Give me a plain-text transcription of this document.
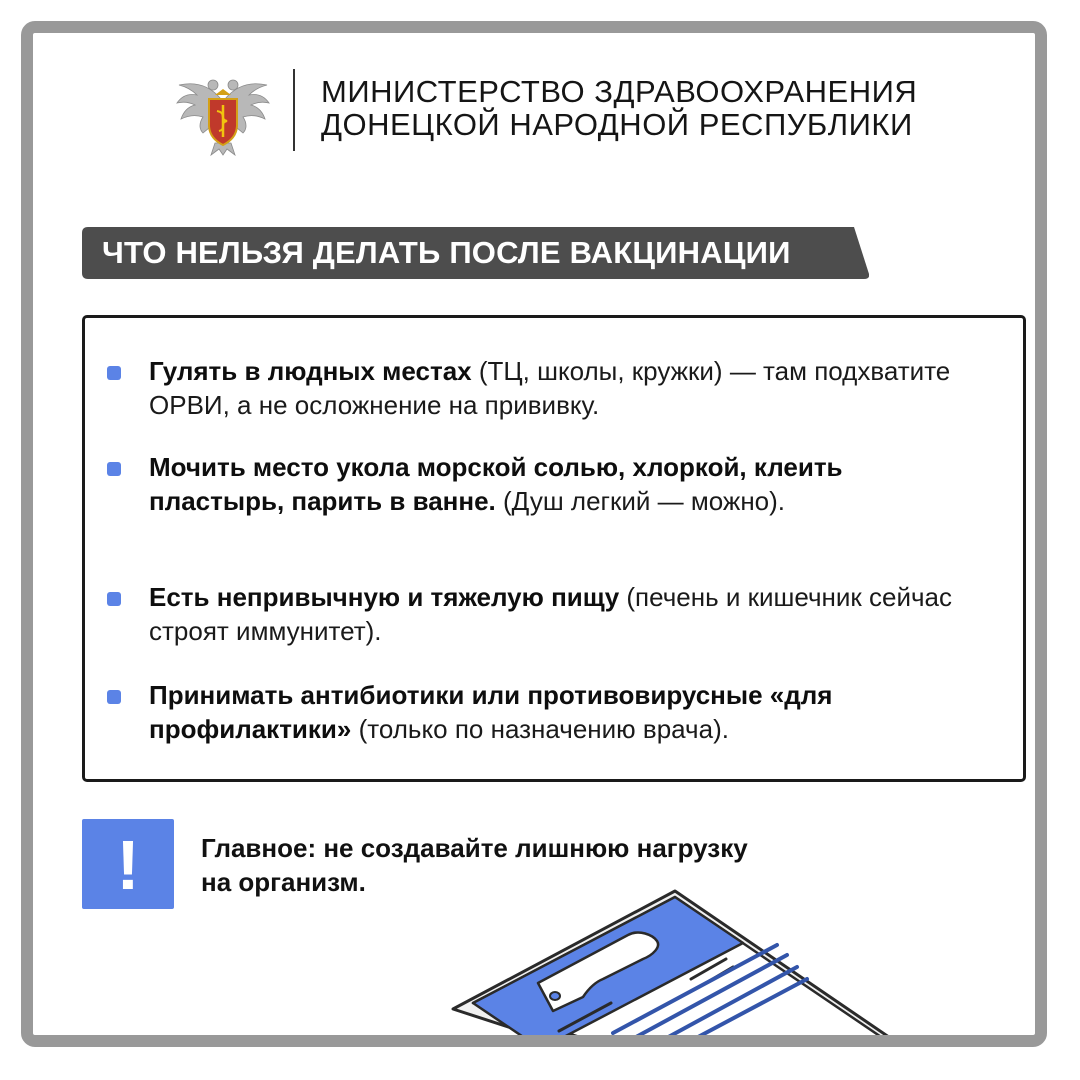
МИНИСТЕРСТВО ЗДРАВООХРАНЕНИЯ
ДОНЕЦКОЙ НАРОДНОЙ РЕСПУБЛИКИ
ЧТО НЕЛЬЗЯ ДЕЛАТЬ ПОСЛЕ ВАКЦИНАЦИИ
Гулять в людных местах (ТЦ, школы, кружки) — там подхватите ОРВИ, а не осложнение на прививку.
Мочить место укола морской солью, хлоркой, клеить пластырь, парить в ванне. (Душ легкий — можно).
Есть непривычную и тяжелую пищу (печень и кишечник сейчас строят иммунитет).
Принимать антибиотики или противовирусные «для профилактики» (только по назначению врача).
!	Главное: не создавайте лишнюю нагрузку
на организм.
